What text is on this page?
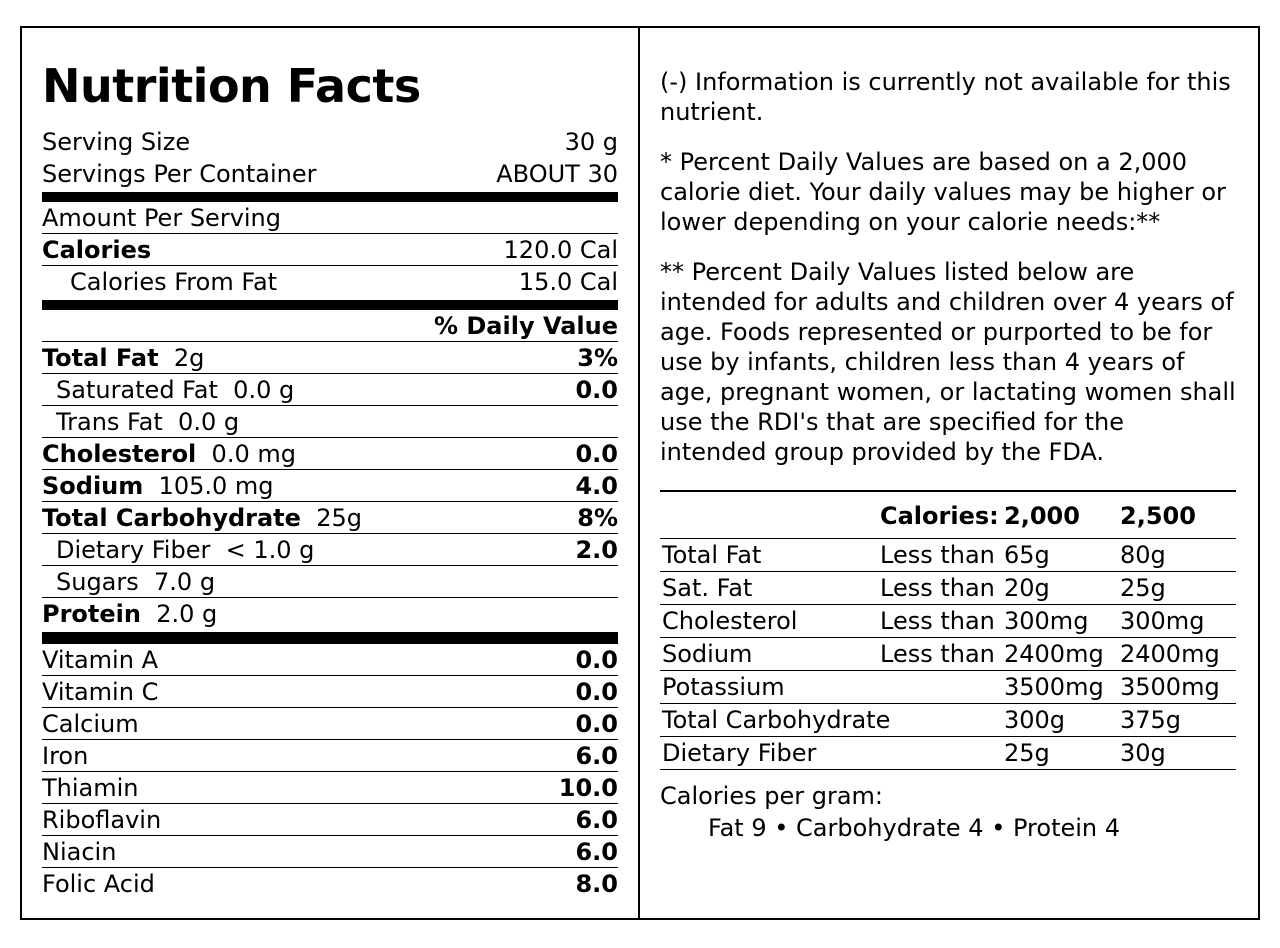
Nutrition Facts
Serving Size	30 g
Servings Per Container	ABOUT 30
Amount Per Serving
Calories	120.0 Cal
Calories From Fat	15.0 Cal
% Daily Value
Total Fat 2g	3%
Saturated Fat 0.0 g	0.0
Trans Fat 0.0 g
Cholesterol 0.0 mg	0.0
Sodium 105.0 mg	4.0
Total Carbohydrate 25g	8%
Dietary Fiber < 1.0 g	2.0
Sugars 7.0 g
Protein 2.0 g
Vitamin A	0.0
Vitamin C	0.0
Calcium	0.0
Iron	6.0
Thiamin	10.0
Riboflavin	6.0
Niacin	6.0
Folic Acid	8.0
(-) Information is currently not available for this nutrient.
* Percent Daily Values are based on a 2,000 calorie diet. Your daily values may be higher or lower depending on your calorie needs:**
** Percent Daily Values listed below are intended for adults and children over 4 years of age. Foods represented or purported to be for use by infants, children less than 4 years of age, pregnant women, or lactating women shall use the RDI's that are specified for the intended group provided by the FDA.
Calories: 2,000 2,500
Total Fat	Less than 65g	80g
Sat. Fat	Less than 20g	25g
Cholesterol	Less than 300mg 300mg
Sodium	Less than 2400mg 2400mg
Potassium	3500mg 3500mg
Total Carbohydrate	300g 375g
Dietary Fiber	25g	30g
Calories per gram:
Fat 9 • Carbohydrate 4 • Protein 4
